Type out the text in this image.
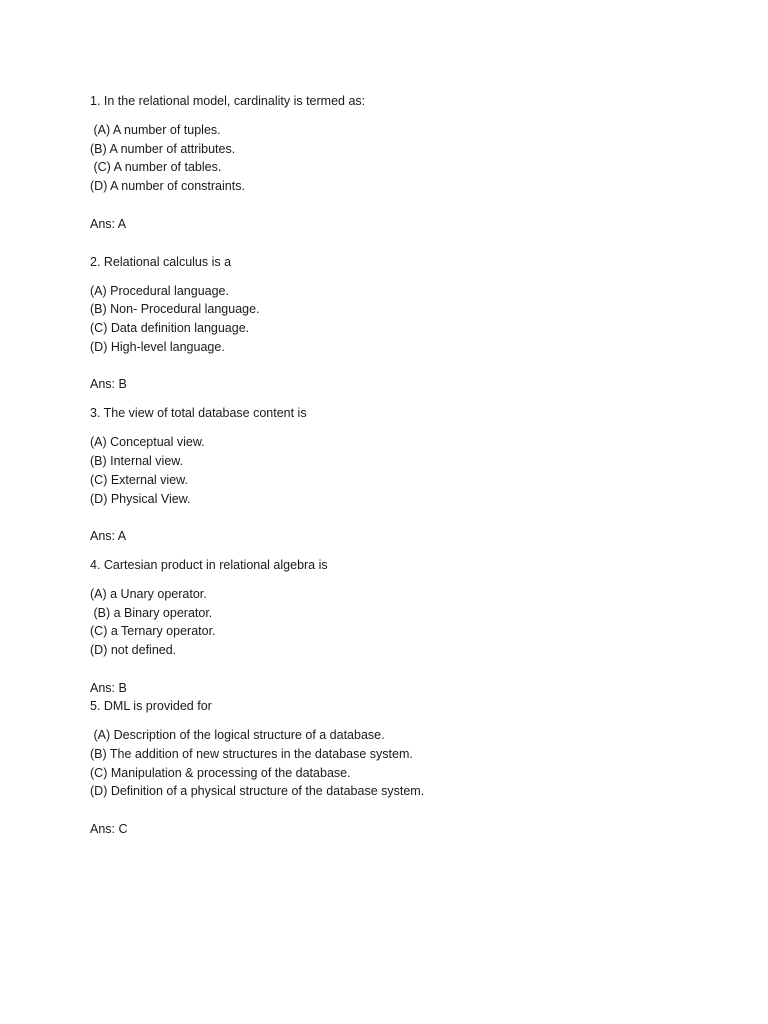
1. In the relational model, cardinality is termed as:
(A) A number of tuples.
(B) A number of attributes.
(C) A number of tables.
(D) A number of constraints.
Ans: A
2. Relational calculus is a
(A) Procedural language.
(B) Non- Procedural language.
(C) Data definition language.
(D) High-level language.
Ans: B
3. The view of total database content is
(A) Conceptual view.
(B) Internal view.
(C) External view.
(D) Physical View.
Ans: A
4. Cartesian product in relational algebra is
(A) a Unary operator.
(B) a Binary operator.
(C) a Ternary operator.
(D) not defined.
Ans: B
5. DML is provided for
(A) Description of the logical structure of a database.
(B) The addition of new structures in the database system.
(C) Manipulation & processing of the database.
(D) Definition of a physical structure of the database system.
Ans: C
